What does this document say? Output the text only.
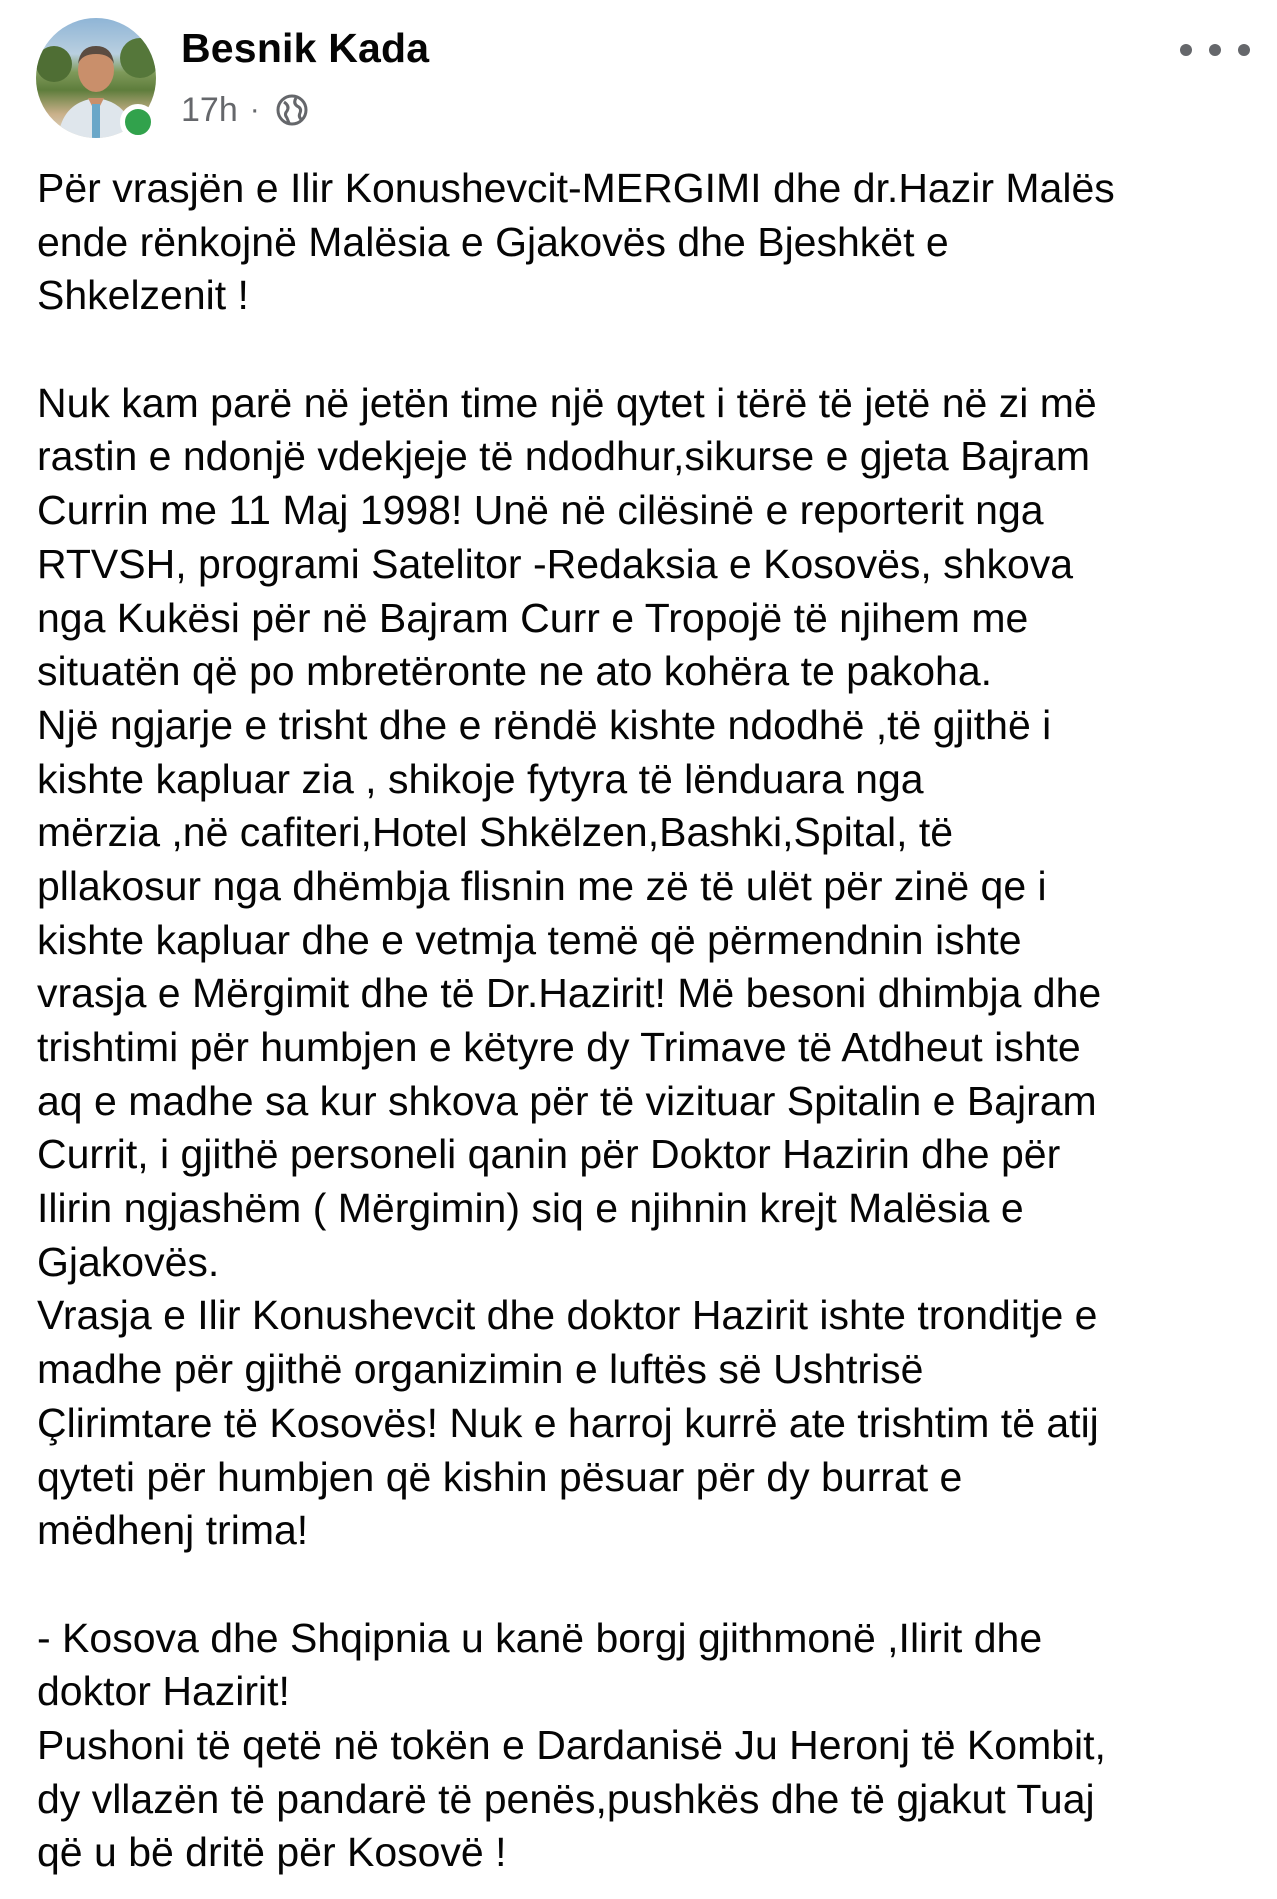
Besnik Kada
17h ·

Për vrasjën e Ilir Konushevcit-MERGIMI dhe dr.Hazir Malës
ende rënkojnë Malësia e Gjakovës dhe Bjeshkët e
Shkelzenit !

Nuk kam parë në jetën time një qytet i tërë të jetë në zi më
rastin e ndonjë vdekjeje të ndodhur,sikurse e gjeta Bajram
Currin me 11 Maj 1998! Unë në cilësinë e reporterit nga
RTVSH, programi Satelitor -Redaksia e Kosovës, shkova
nga Kukësi për në Bajram Curr e Tropojë të njihem me
situatën që po mbretëronte ne ato kohëra te pakoha.
Një ngjarje e trisht dhe e rëndë kishte ndodhë ,të gjithë i
kishte kapluar zia , shikoje fytyra të lënduara nga
mërzia ,në cafiteri,Hotel Shkëlzen,Bashki,Spital, të
pllakosur nga dhëmbja flisnin me zë të ulët për zinë qe i
kishte kapluar dhe e vetmja temë që përmendnin ishte
vrasja e Mërgimit dhe të Dr.Hazirit! Më besoni dhimbja dhe
trishtimi për humbjen e këtyre dy Trimave të Atdheut ishte
aq e madhe sa kur shkova për të vizituar Spitalin e Bajram
Currit, i gjithë personeli qanin për Doktor Hazirin dhe për
Ilirin ngjashëm ( Mërgimin) siq e njihnin krejt Malësia e
Gjakovës.
Vrasja e Ilir Konushevcit dhe doktor Hazirit ishte tronditje e
madhe për gjithë organizimin e luftës së Ushtrisë
Çlirimtare të Kosovës! Nuk e harroj kurrë ate trishtim të atij
qyteti për humbjen që kishin pësuar për dy burrat e
mëdhenj trima!

- Kosova dhe Shqipnia u kanë borgj gjithmonë ,Ilirit dhe
doktor Hazirit!
Pushoni të qetë në tokën e Dardanisë Ju Heronj të Kombit,
dy vllazën të pandarë të penës,pushkës dhe të gjakut Tuaj
që u bë dritë për Kosovë !
